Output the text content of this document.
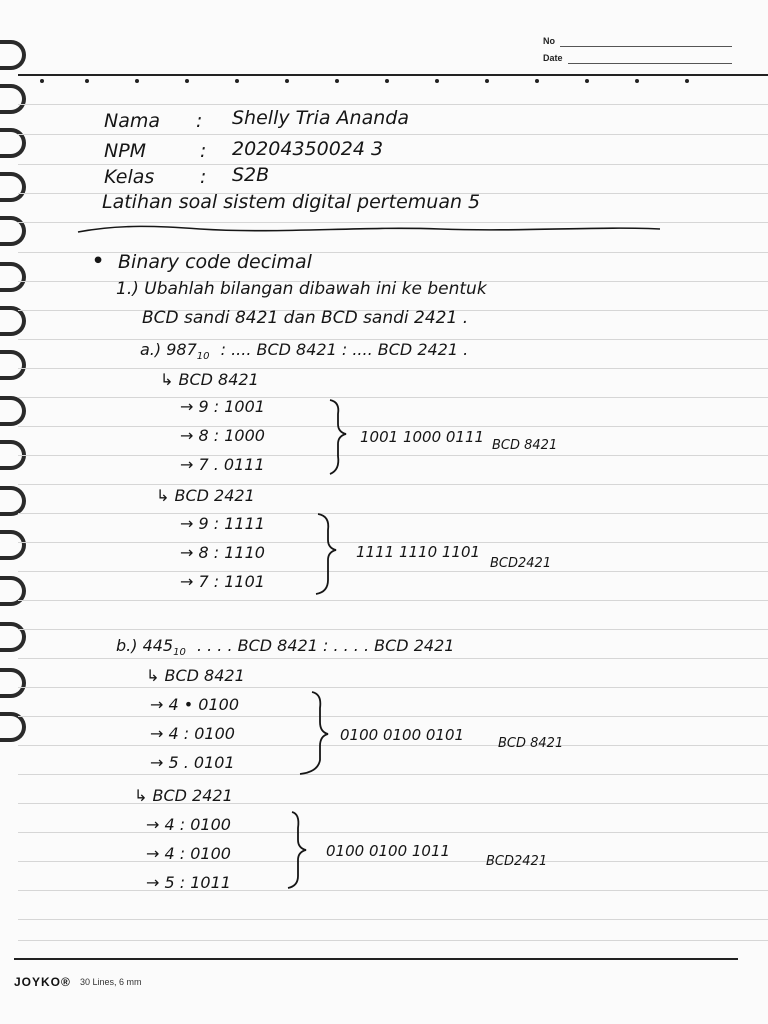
No
Date
Nama : Shelly Tria Ananda
NPM	: 20204350024 3
Kelas : S2B
Latihan soal sistem digital pertemuan 5
• Binary code decimal
1.) Ubahlah bilangan dibawah ini ke bentuk
BCD sandi 8421 dan BCD sandi 2421 .
a.) $987_{10}$ : .... BCD 8421 : .... BCD 2421 .
↳ BCD 8421
→ 9 : 1001
→ 8 : 1000
→ 7 . 0111
1001 1000 0111 BCD 8421
↳ BCD 2421
→ 9 : 1111
→ 8 : 1110
→ 7 : 1101
1111 1110 1101
BCD2421
b.) $445_{10}$ . . . . BCD 8421 : . . . . BCD 2421
↳ BCD 8421
→ 4 • 0100
→ 4 : 0100
→ 5 . 0101
0100 0100 0101	BCD 8421
↳ BCD 2421
→ 4 : 0100
→ 4 : 0100
→ 5 : 1011
0100 0100 1011
BCD2421
JOYKO® 30 Lines, 6 mm
